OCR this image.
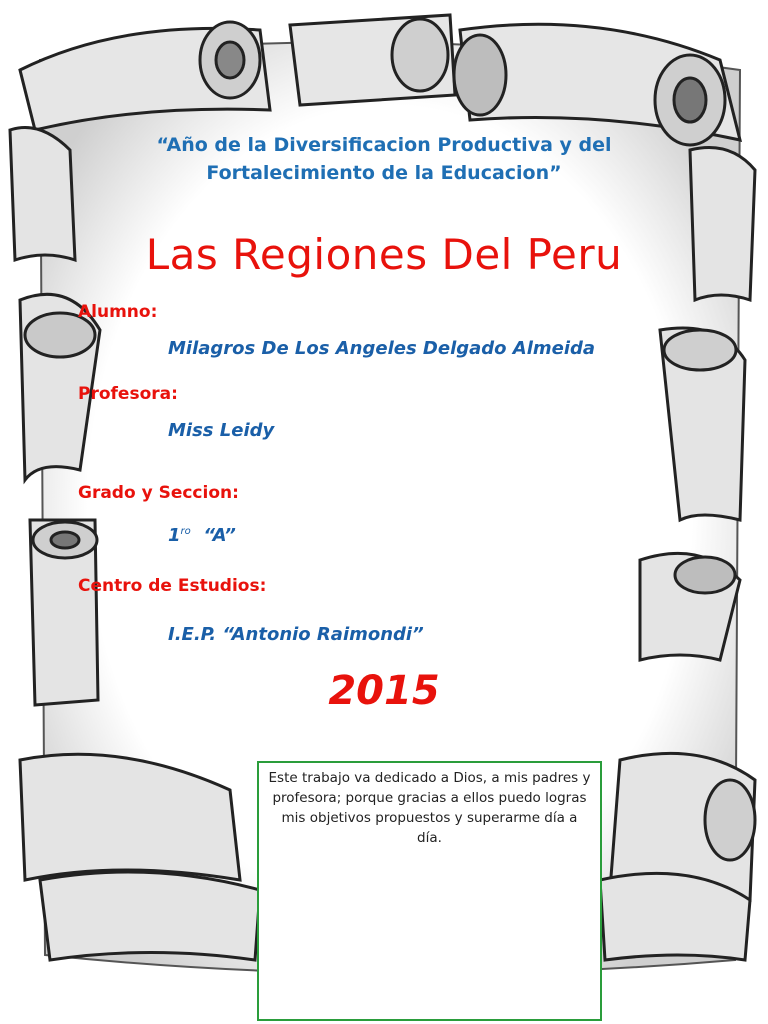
“Año de la Diversificacion Productiva y del
Fortalecimiento de la Educacion”
Las Regiones Del Peru
Alumno:
Milagros De Los Angeles Delgado Almeida
Profesora:
Miss Leidy
Grado y Seccion:
$1^{ro}$ “A”
Centro de Estudios:
I.E.P. “Antonio Raimondi”
2015
Este trabajo va dedicado a Dios, a mis padres y profesora; porque gracias a ellos puedo logras mis objetivos propuestos y superarme día a día.
